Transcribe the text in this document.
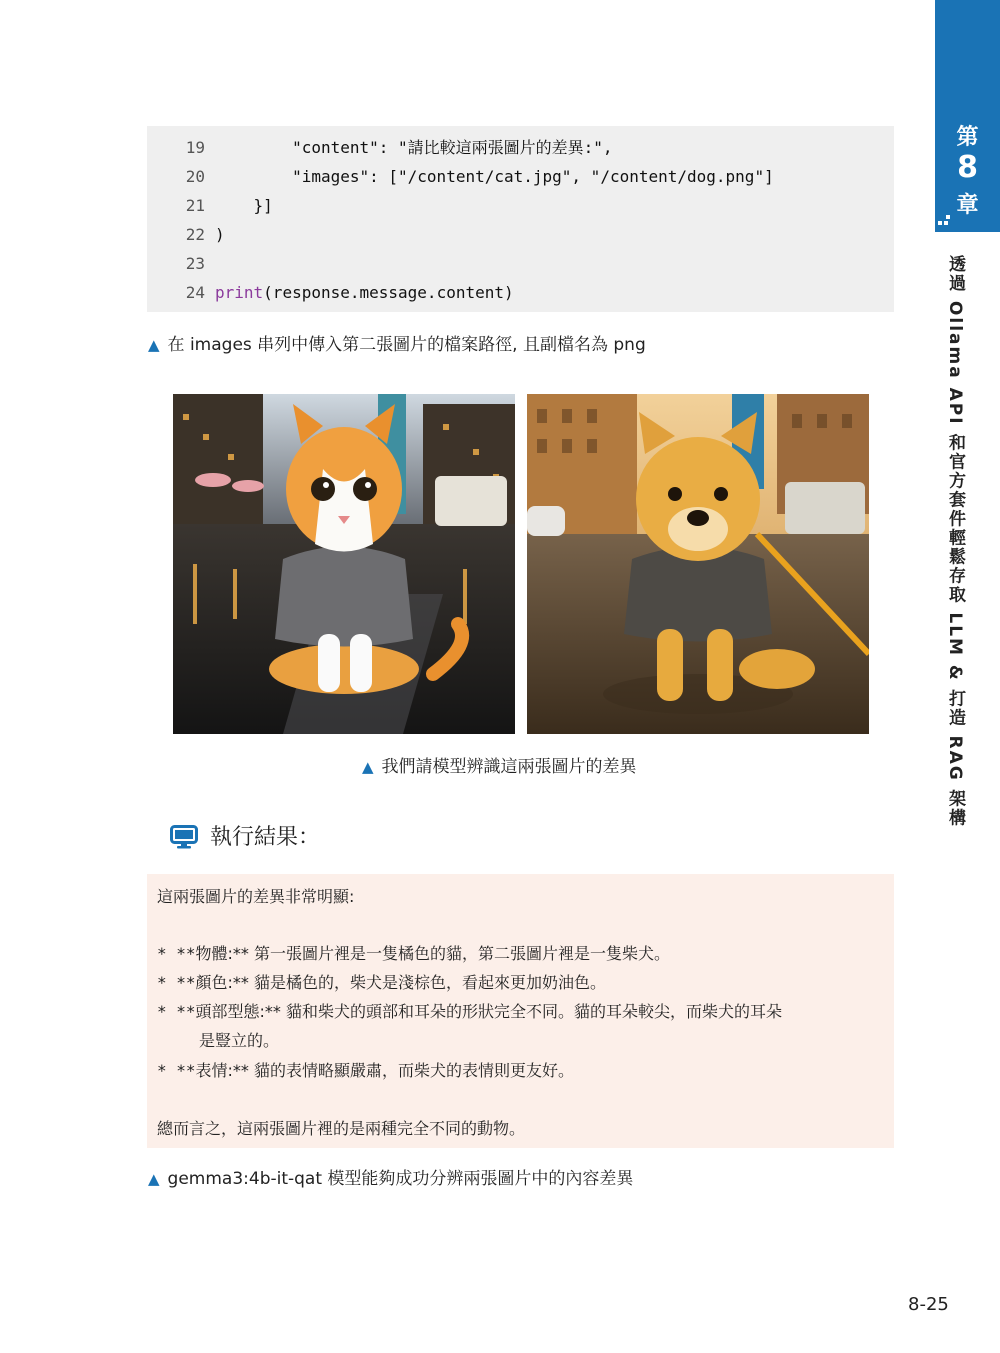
第
8
章
透過 Ollama API 和官方套件輕鬆存取 LLM & 打造 RAG 架構
19        "content": "請比較這兩張圖片的差異:",
20        "images": ["/content/cat.jpg", "/content/dog.png"]
21    }]
22 )
23
24 print(response.message.content)
▲ 在 images 串列中傳入第二張圖片的檔案路徑, 且副檔名為 png
▲ 我們請模型辨識這兩張圖片的差異
執行結果：
這兩張圖片的差異非常明顯:
* **物體:** 第一張圖片裡是一隻橘色的貓，第二張圖片裡是一隻柴犬。
* **顏色:** 貓是橘色的，柴犬是淺棕色，看起來更加奶油色。
* **頭部型態:** 貓和柴犬的頭部和耳朵的形狀完全不同。貓的耳朵較尖，而柴犬的耳朵
是豎立的。
* **表情:** 貓的表情略顯嚴肅，而柴犬的表情則更友好。
總而言之，這兩張圖片裡的是兩種完全不同的動物。
▲ gemma3:4b-it-qat 模型能夠成功分辨兩張圖片中的內容差異
8-25
